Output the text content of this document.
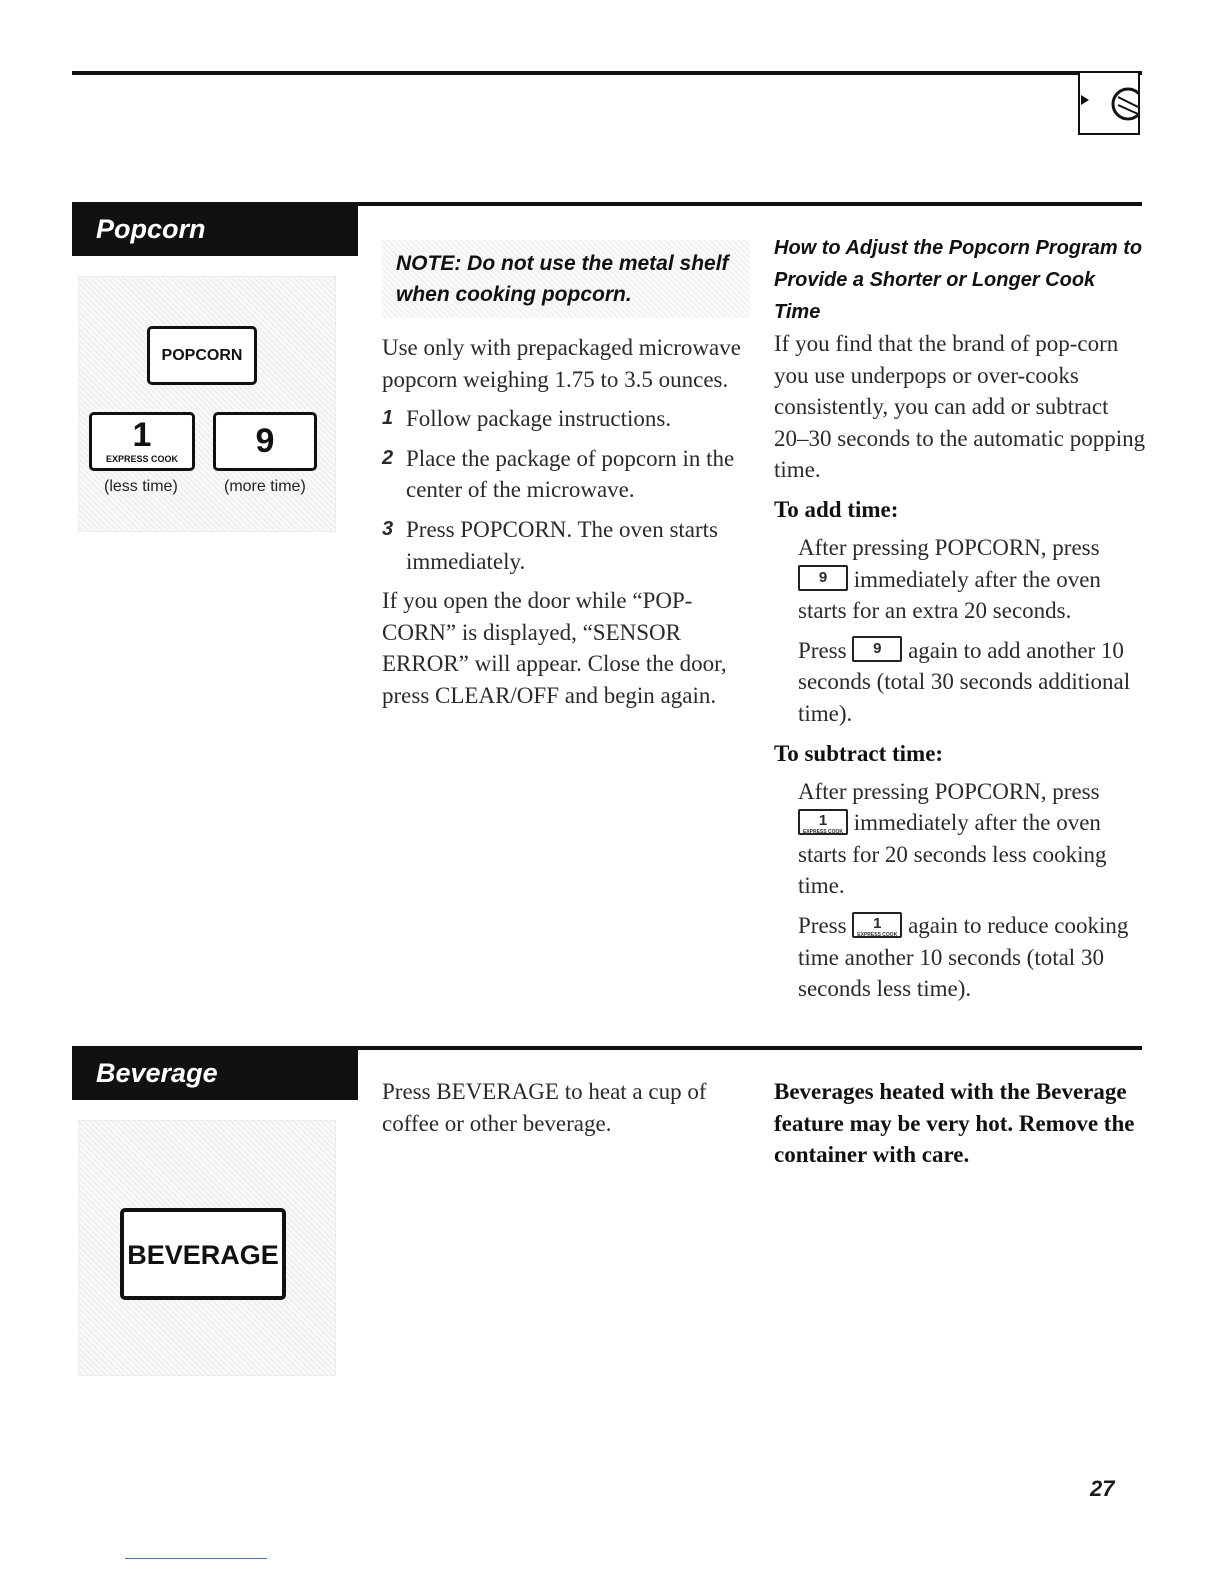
Popcorn
POPCORN
1
EXPRESS COOK	9
(less time)	(more time)
NOTE: Do not use the metal shelf when cooking popcorn.

Use only with prepackaged microwave popcorn weighing 1.75 to 3.5 ounces.

1 Follow package instructions.
2 Place the package of popcorn in the center of the microwave.
3 Press POPCORN. The oven starts immediately.

If you open the door while “POP-CORN” is displayed, “SENSOR ERROR” will appear. Close the door, press CLEAR/OFF and begin again.

How to Adjust the Popcorn Program to Provide a Shorter or Longer Cook Time

If you find that the brand of pop-corn you use underpops or over-cooks consistently, you can add or subtract 20–30 seconds to the automatic popping time.

To add time:

After pressing POPCORN, press 9 immediately after the oven starts for an extra 20 seconds.

Press 9 again to add another 10 seconds (total 30 seconds additional time).

To subtract time:

After pressing POPCORN, press
1
EXPRESS COOK immediately after the oven starts for 20 seconds less cooking time.

Press	1
EXPRESS COOK again to reduce cooking time another 10 seconds (total 30 seconds less time).

Beverage
BEVERAGE
Press BEVERAGE to heat a cup of coffee or other beverage.
Beverages heated with the Beverage feature may be very hot. Remove the container with care.
27
